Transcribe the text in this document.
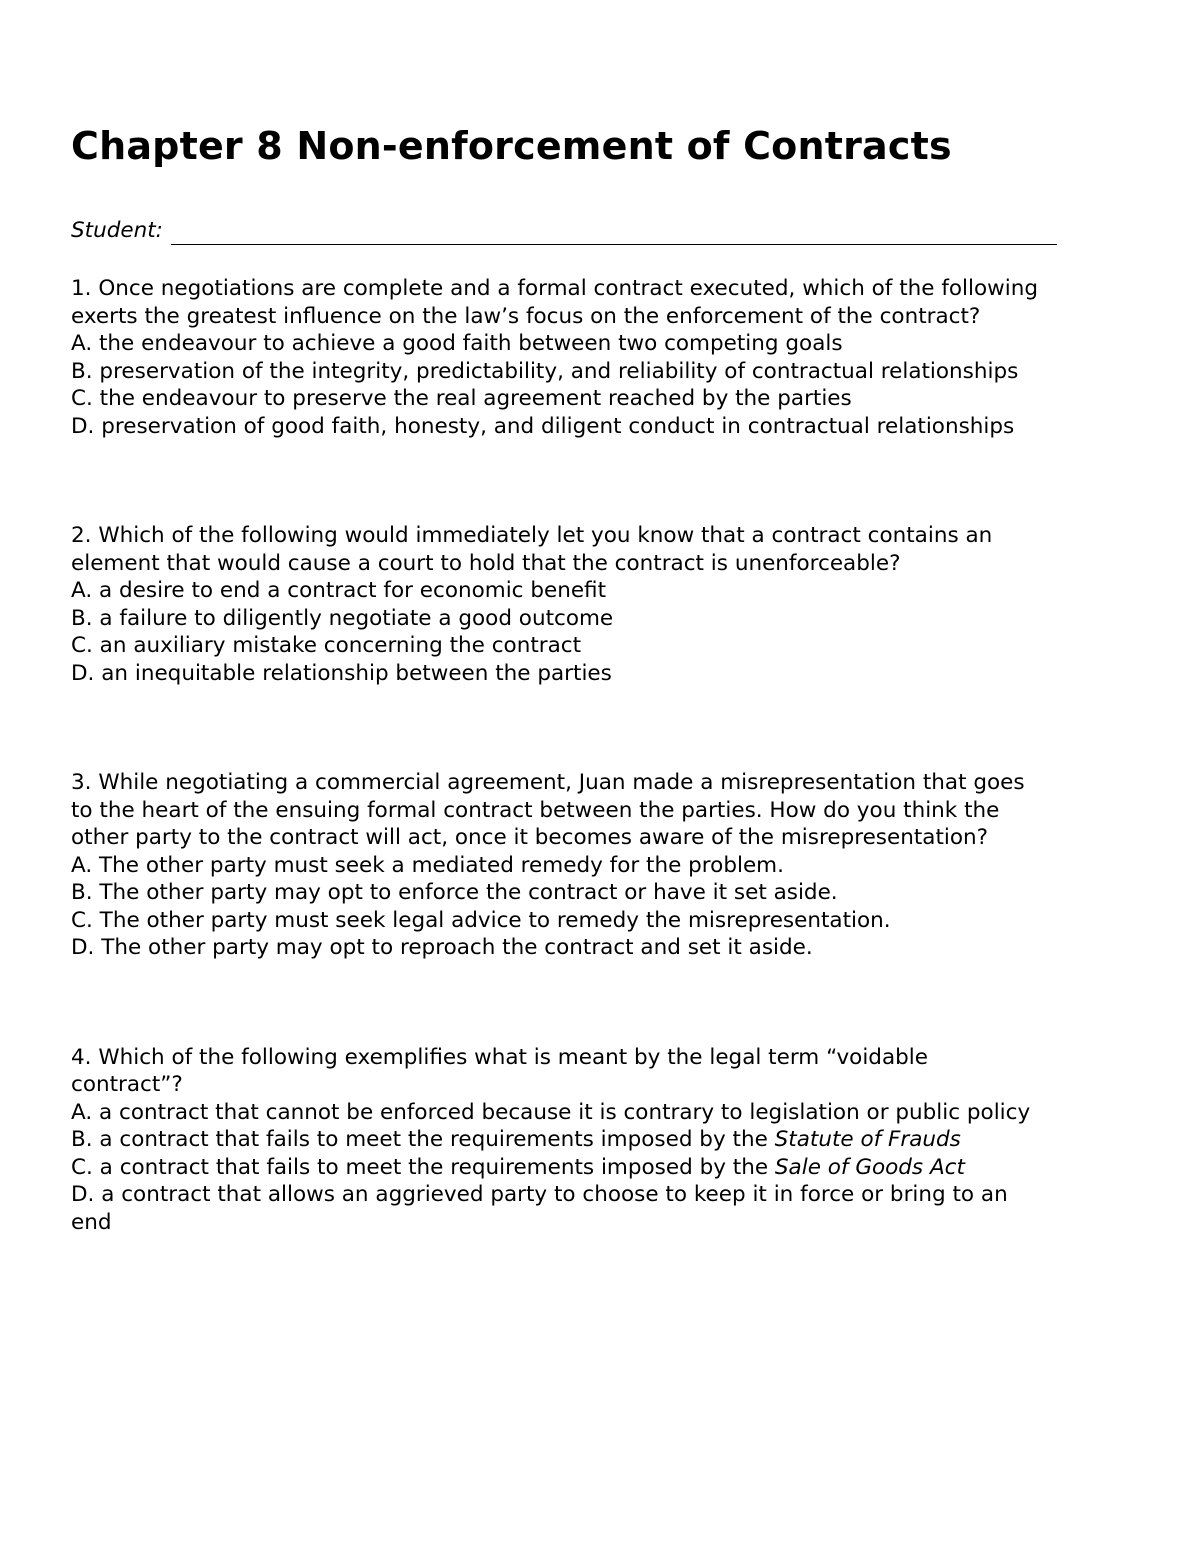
Chapter 8 Non-enforcement of Contracts
Student:
1. Once negotiations are complete and a formal contract executed, which of the following
exerts the greatest influence on the law’s focus on the enforcement of the contract?
A. the endeavour to achieve a good faith between two competing goals
B. preservation of the integrity, predictability, and reliability of contractual relationships
C. the endeavour to preserve the real agreement reached by the parties
D. preservation of good faith, honesty, and diligent conduct in contractual relationships
2. Which of the following would immediately let you know that a contract contains an
element that would cause a court to hold that the contract is unenforceable?
A. a desire to end a contract for economic benefit
B. a failure to diligently negotiate a good outcome
C. an auxiliary mistake concerning the contract
D. an inequitable relationship between the parties
3. While negotiating a commercial agreement, Juan made a misrepresentation that goes
to the heart of the ensuing formal contract between the parties. How do you think the
other party to the contract will act, once it becomes aware of the misrepresentation?
A. The other party must seek a mediated remedy for the problem.
B. The other party may opt to enforce the contract or have it set aside.
C. The other party must seek legal advice to remedy the misrepresentation.
D. The other party may opt to reproach the contract and set it aside.
4. Which of the following exemplifies what is meant by the legal term “voidable
contract”?
A. a contract that cannot be enforced because it is contrary to legislation or public policy
B. a contract that fails to meet the requirements imposed by the Statute of Frauds
C. a contract that fails to meet the requirements imposed by the Sale of Goods Act
D. a contract that allows an aggrieved party to choose to keep it in force or bring to an
end
